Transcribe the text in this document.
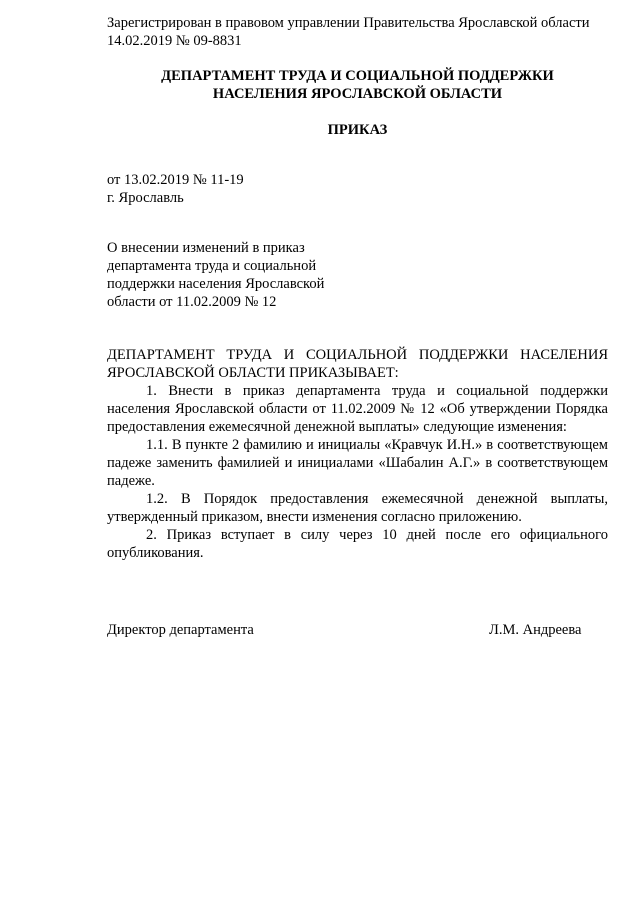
Зарегистрирован в правовом управлении Правительства Ярославской области
14.02.2019 № 09-8831
ДЕПАРТАМЕНТ ТРУДА И СОЦИАЛЬНОЙ ПОДДЕРЖКИ
НАСЕЛЕНИЯ ЯРОСЛАВСКОЙ ОБЛАСТИ
ПРИКАЗ
от 13.02.2019 № 11-19
г. Ярославль
О внесении изменений в приказ
департамента труда и социальной
поддержки населения Ярославской
области от 11.02.2009 № 12

ДЕПАРТАМЕНТ ТРУДА И СОЦИАЛЬНОЙ ПОДДЕРЖКИ НАСЕЛЕНИЯ ЯРОСЛАВСКОЙ ОБЛАСТИ ПРИКАЗЫВАЕТ:

1. Внести в приказ департамента труда и социальной поддержки населения Ярославской области от 11.02.2009 № 12 «Об утверждении Порядка предоставления ежемесячной денежной выплаты» следующие изменения:

1.1. В пункте 2 фамилию и инициалы «Кравчук И.Н.» в соответствующем падеже заменить фамилией и инициалами «Шабалин А.Г.» в соответствующем падеже.

1.2. В Порядок предоставления ежемесячной денежной выплаты, утвержденный приказом, внести изменения согласно приложению.

2. Приказ вступает в силу через 10 дней после его официального опубликования.

Директор департамента	Л.М. Андреева
